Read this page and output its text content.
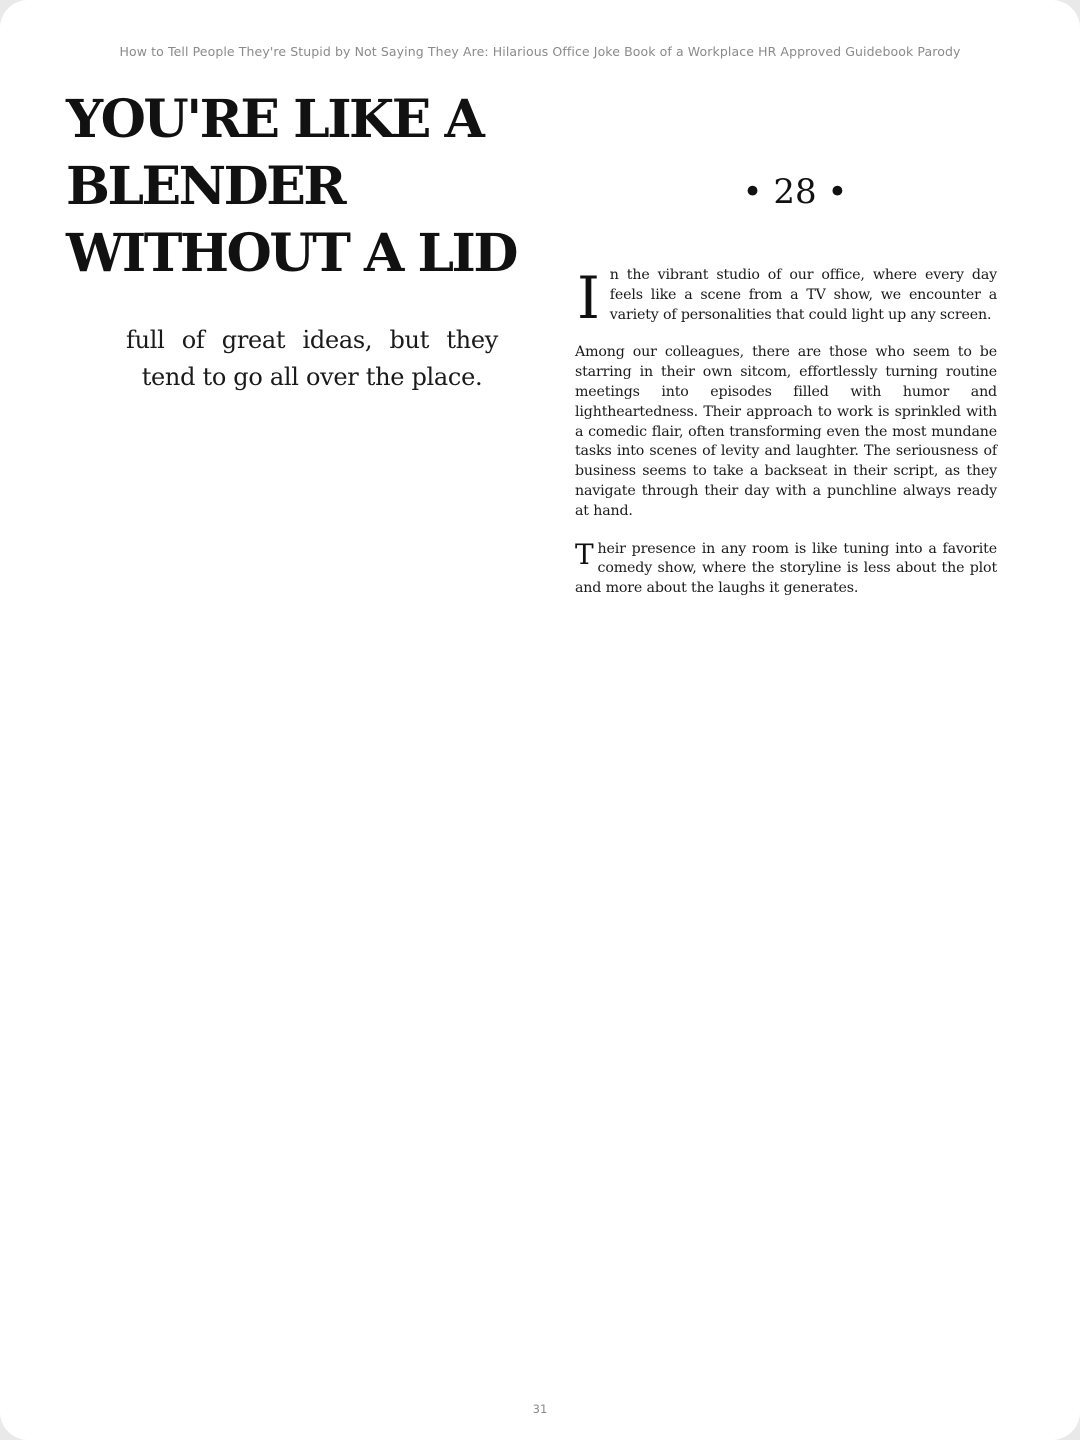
How to Tell People They're Stupid by Not Saying They Are: Hilarious Office Joke Book of a Workplace HR Approved Guidebook Parody
YOU'RE LIKE A BLENDER WITHOUT A LID

full of great ideas, but they tend to go all over the place.

• 28 •

In the vibrant studio of our office, where every day feels like a scene from a TV show, we encounter a variety of personalities that could light up any screen.

Among our colleagues, there are those who seem to be starring in their own sitcom, effortlessly turning routine meetings into episodes filled with humor and lightheartedness. Their approach to work is sprinkled with a comedic flair, often transforming even the most mundane tasks into scenes of levity and laughter. The seriousness of business seems to take a backseat in their script, as they navigate through their day with a punchline always ready at hand.

Their presence in any room is like tuning into a favorite comedy show, where the storyline is less about the plot and more about the laughs it generates.

31
